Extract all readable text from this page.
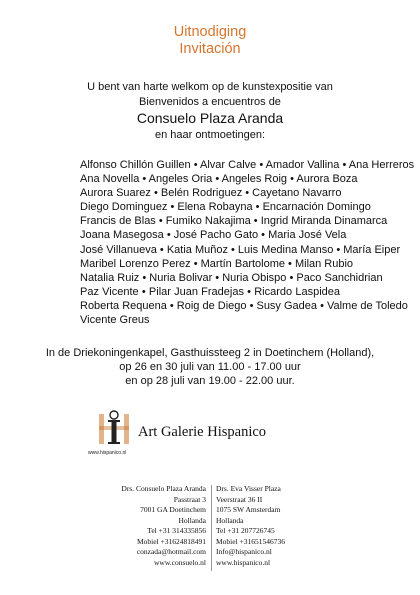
Uitnodiging
Invitación
U bent van harte welkom op de kunstexpositie van
Bienvenidos a encuentros de
Consuelo Plaza Aranda
en haar ontmoetingen:
Alfonso Chillón Guillen • Alvar Calve • Amador Vallina • Ana Herreros
Ana Novella • Angeles Oria • Angeles Roig • Aurora Boza
Aurora Suarez • Belén Rodriguez • Cayetano Navarro
Diego Dominguez • Elena Robayna • Encarnación Domingo
Francis de Blas • Fumiko Nakajima • Ingrid Miranda Dinamarca
Joana Masegosa • José Pacho Gato • Maria José Vela
José Villanueva • Katia Muñoz • Luis Medina Manso • María Eiper
Maribel Lorenzo Perez • Martín Bartolome • Milan Rubio
Natalia Ruiz • Nuria Bolivar • Nuria Obispo • Paco Sanchidrian
Paz Vicente • Pilar Juan Fradejas • Ricardo Laspidea
Roberta Requena • Roig de Diego • Susy Gadea • Valme de Toledo
Vicente Greus
In de Driekoningenkapel, Gasthuissteeg 2 in Doetinchem (Holland),
op 26 en 30 juli van 11.00 - 17.00 uur
en op 28 juli van 19.00 - 22.00 uur.
www.hispanico.nl
Art Galerie Hispanico
Drs. Consuelo Plaza Aranda
Passtraat 3
7001 GA Doetinchem
Hollanda
Tel +31 314335856
Mobiel +31624818491
conzada@hotmail.com
www.consuelo.nl
Drs. Eva Visser Plaza
Veerstraat 36 II
1075 SW Amsterdam
Hollanda
Tel +31 207726745
Mobiel +31651546736
Info@hispanico.nl
www.hispanico.nl
